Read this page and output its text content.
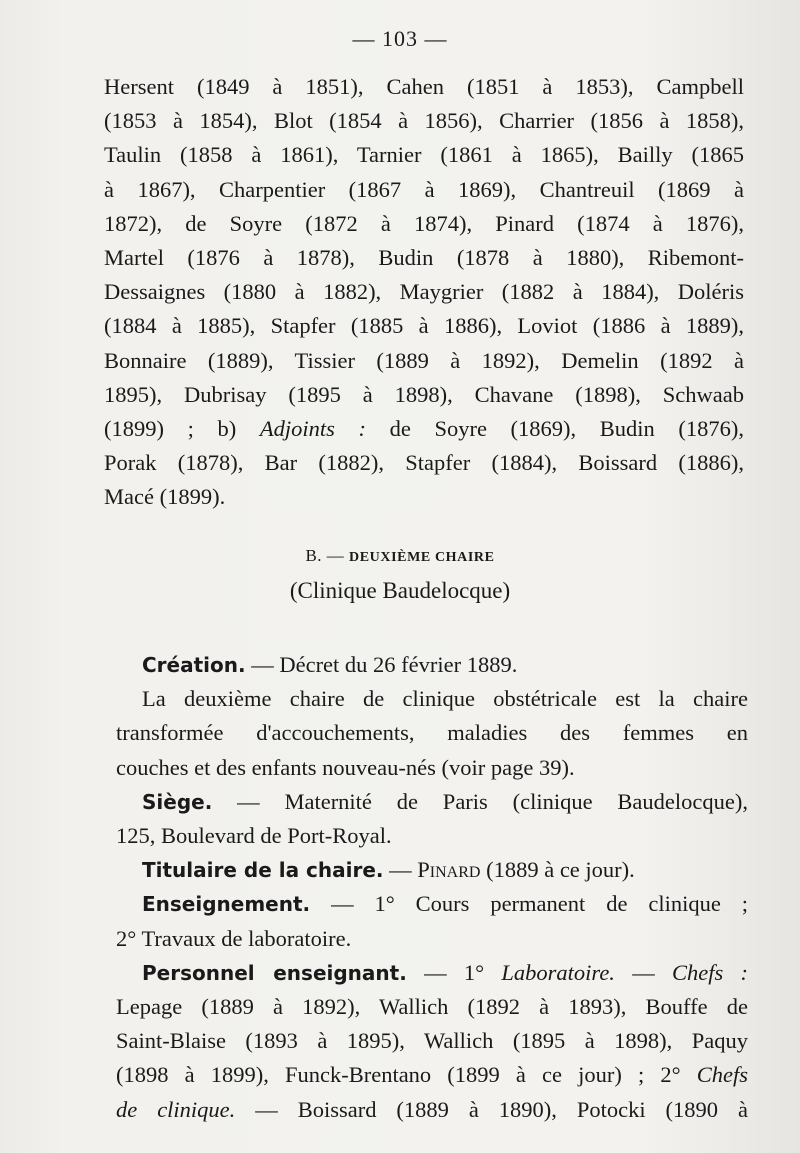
— 103 —
Hersent (1849 à 1851), Cahen (1851 à 1853), Campbell
(1853 à 1854), Blot (1854 à 1856), Charrier (1856 à 1858),
Taulin (1858 à 1861), Tarnier (1861 à 1865), Bailly (1865
à 1867), Charpentier (1867 à 1869), Chantreuil (1869 à
1872), de Soyre (1872 à 1874), Pinard (1874 à 1876),
Martel (1876 à 1878), Budin (1878 à 1880), Ribemont-
Dessaignes (1880 à 1882), Maygrier (1882 à 1884), Doléris
(1884 à 1885), Stapfer (1885 à 1886), Loviot (1886 à 1889),
Bonnaire (1889), Tissier (1889 à 1892), Demelin (1892 à
1895), Dubrisay (1895 à 1898), Chavane (1898), Schwaab
(1899) ; b) Adjoints : de Soyre (1869), Budin (1876),
Porak (1878), Bar (1882), Stapfer (1884), Boissard (1886),
Macé (1899).
B. — DEUXIÈME CHAIRE
(Clinique Baudelocque)
Création. — Décret du 26 février 1889.
La deuxième chaire de clinique obstétricale est la chaire
transformée d'accouchements, maladies des femmes en
couches et des enfants nouveau-nés (voir page 39).
Siège. — Maternité de Paris (clinique Baudelocque),
125, Boulevard de Port-Royal.
Titulaire de la chaire. — Pinard (1889 à ce jour).
Enseignement. — 1° Cours permanent de clinique ;
2° Travaux de laboratoire.
Personnel enseignant. — 1° Laboratoire. — Chefs :
Lepage (1889 à 1892), Wallich (1892 à 1893), Bouffe de
Saint-Blaise (1893 à 1895), Wallich (1895 à 1898), Paquy
(1898 à 1899), Funck-Brentano (1899 à ce jour) ; 2° Chefs
de clinique. — Boissard (1889 à 1890), Potocki (1890 à
